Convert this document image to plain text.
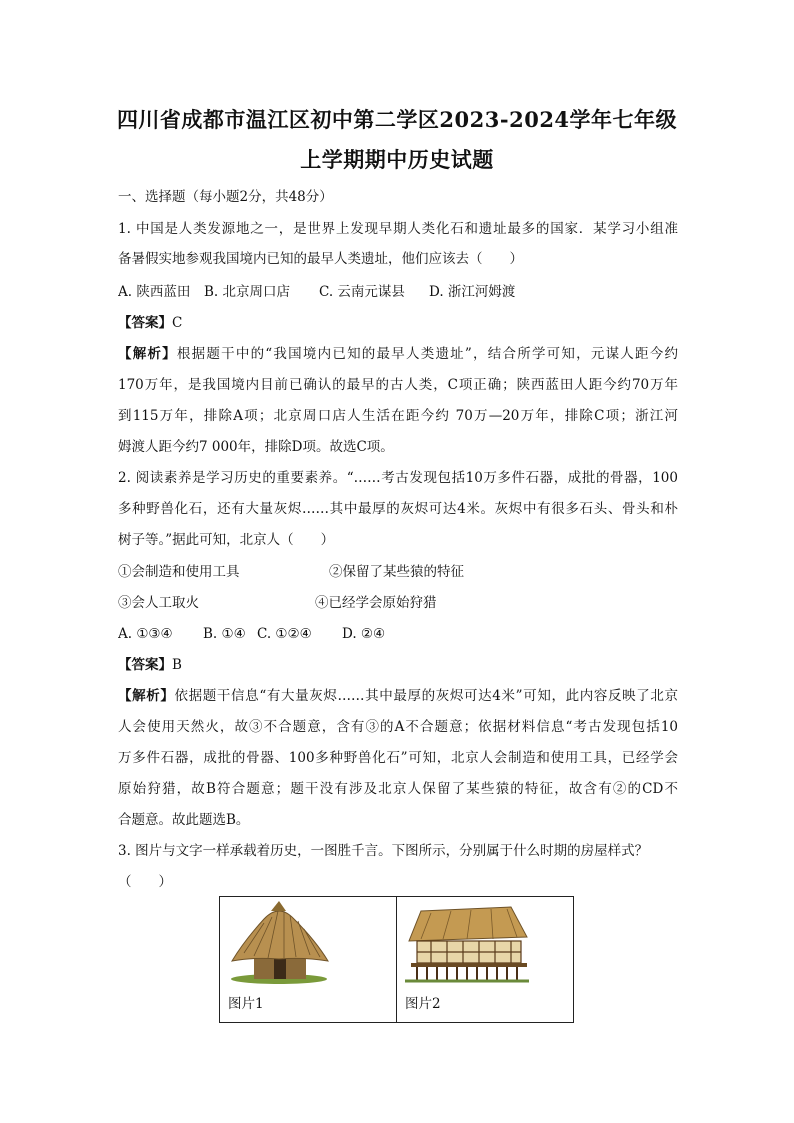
四川省成都市温江区初中第二学区2023-2024学年七年级
上学期期中历史试题
一、选择题（每小题2分，共48分）
1. 中国是人类发源地之一，是世界上发现早期人类化石和遗址最多的国家．某学习小组准
备暑假实地参观我国境内已知的最早人类遗址，他们应该去（　　）
A. 陕西蓝田 B. 北京周口店 C. 云南元谋县 D. 浙江河姆渡
【答案】C
【解析】根据题干中的“我国境内已知的最早人类遗址”，结合所学可知，元谋人距今约
170万年，是我国境内目前已确认的最早的古人类，C项正确；陕西蓝田人距今约70万年
到115万年，排除A项；北京周口店人生活在距今约 70万—20万年，排除C项；浙江河
姆渡人距今约7 000年，排除D项。故选C项。
2. 阅读素养是学习历史的重要素养。“……考古发现包括10万多件石器，成批的骨器，100
多种野兽化石，还有大量灰烬……其中最厚的灰烬可达4米。灰烬中有很多石头、骨头和朴
树子等。”据此可知，北京人（　　）
①会制造和使用工具	②保留了某些猿的特征
③会人工取火	④已经学会原始狩猎
A. ①③④ B. ①④ C. ①②④ D. ②④
【答案】B
【解析】依据题干信息“有大量灰烬……其中最厚的灰烬可达4米”可知，此内容反映了北京
人会使用天然火，故③不合题意，含有③的A不合题意；依据材料信息“考古发现包括10
万多件石器，成批的骨器、100多种野兽化石”可知，北京人会制造和使用工具，已经学会
原始狩猎，故B符合题意；题干没有涉及北京人保留了某些猿的特征，故含有②的CD不
合题意。故此题选B。
3. 图片与文字一样承载着历史，一图胜千言。下图所示，分别属于什么时期的房屋样式？
（　　）
图片1	图片2
